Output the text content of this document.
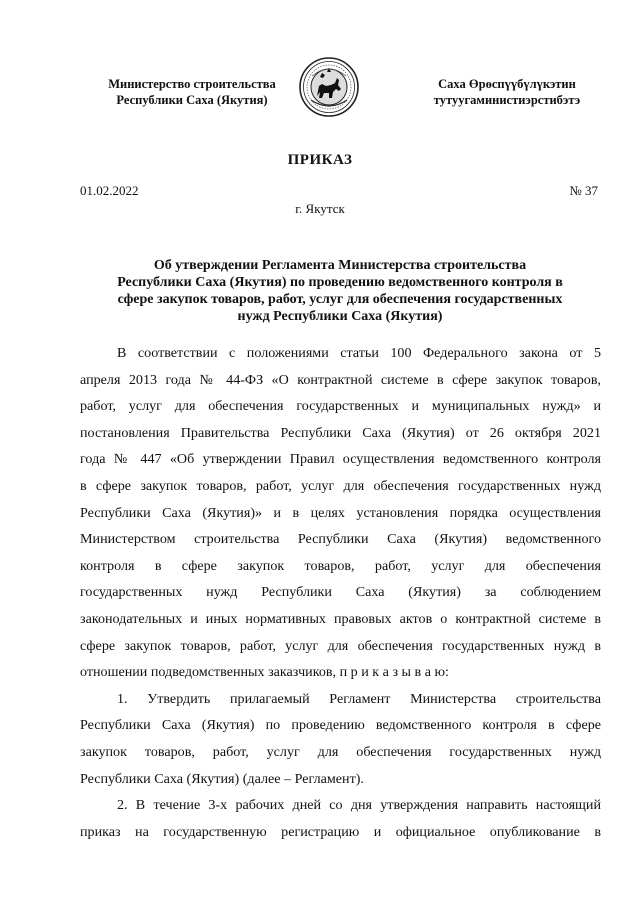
Министерство строительства
Республики Саха (Якутия)
Саха Өрөспүүбүлүкэтин
тутуугаминистиэрстибэтэ
ПРИКАЗ
01.02.2022	№ 37
г. Якутск
Об утверждении Регламента Министерства строительства
Республики Саха (Якутия) по проведению ведомственного контроля в
сфере закупок товаров, работ, услуг для обеспечения государственных
нужд Республики Саха (Якутия)
В соответствии с положениями статьи 100 Федерального закона от 5
апреля 2013 года № 44-ФЗ «О контрактной системе в сфере закупок товаров,
работ, услуг для обеспечения государственных и муниципальных нужд» и
постановления Правительства Республики Саха (Якутия) от 26 октября 2021
года № 447 «Об утверждении Правил осуществления ведомственного контроля
в сфере закупок товаров, работ, услуг для обеспечения государственных нужд
Республики Саха (Якутия)» и в целях установления порядка осуществления
Министерством строительства Республики Саха (Якутия) ведомственного
контроля в сфере закупок товаров, работ, услуг для обеспечения
государственных нужд Республики Саха (Якутия) за соблюдением
законодательных и иных нормативных правовых актов о контрактной системе в
сфере закупок товаров, работ, услуг для обеспечения государственных нужд в
отношении подведомственных заказчиков, п р и к а з ы в а ю:
1. Утвердить прилагаемый Регламент Министерства строительства
Республики Саха (Якутия) по проведению ведомственного контроля в сфере
закупок товаров, работ, услуг для обеспечения государственных нужд
Республики Саха (Якутия) (далее – Регламент).
2. В течение 3-х рабочих дней со дня утверждения направить настоящий
приказ на государственную регистрацию и официальное опубликование в
